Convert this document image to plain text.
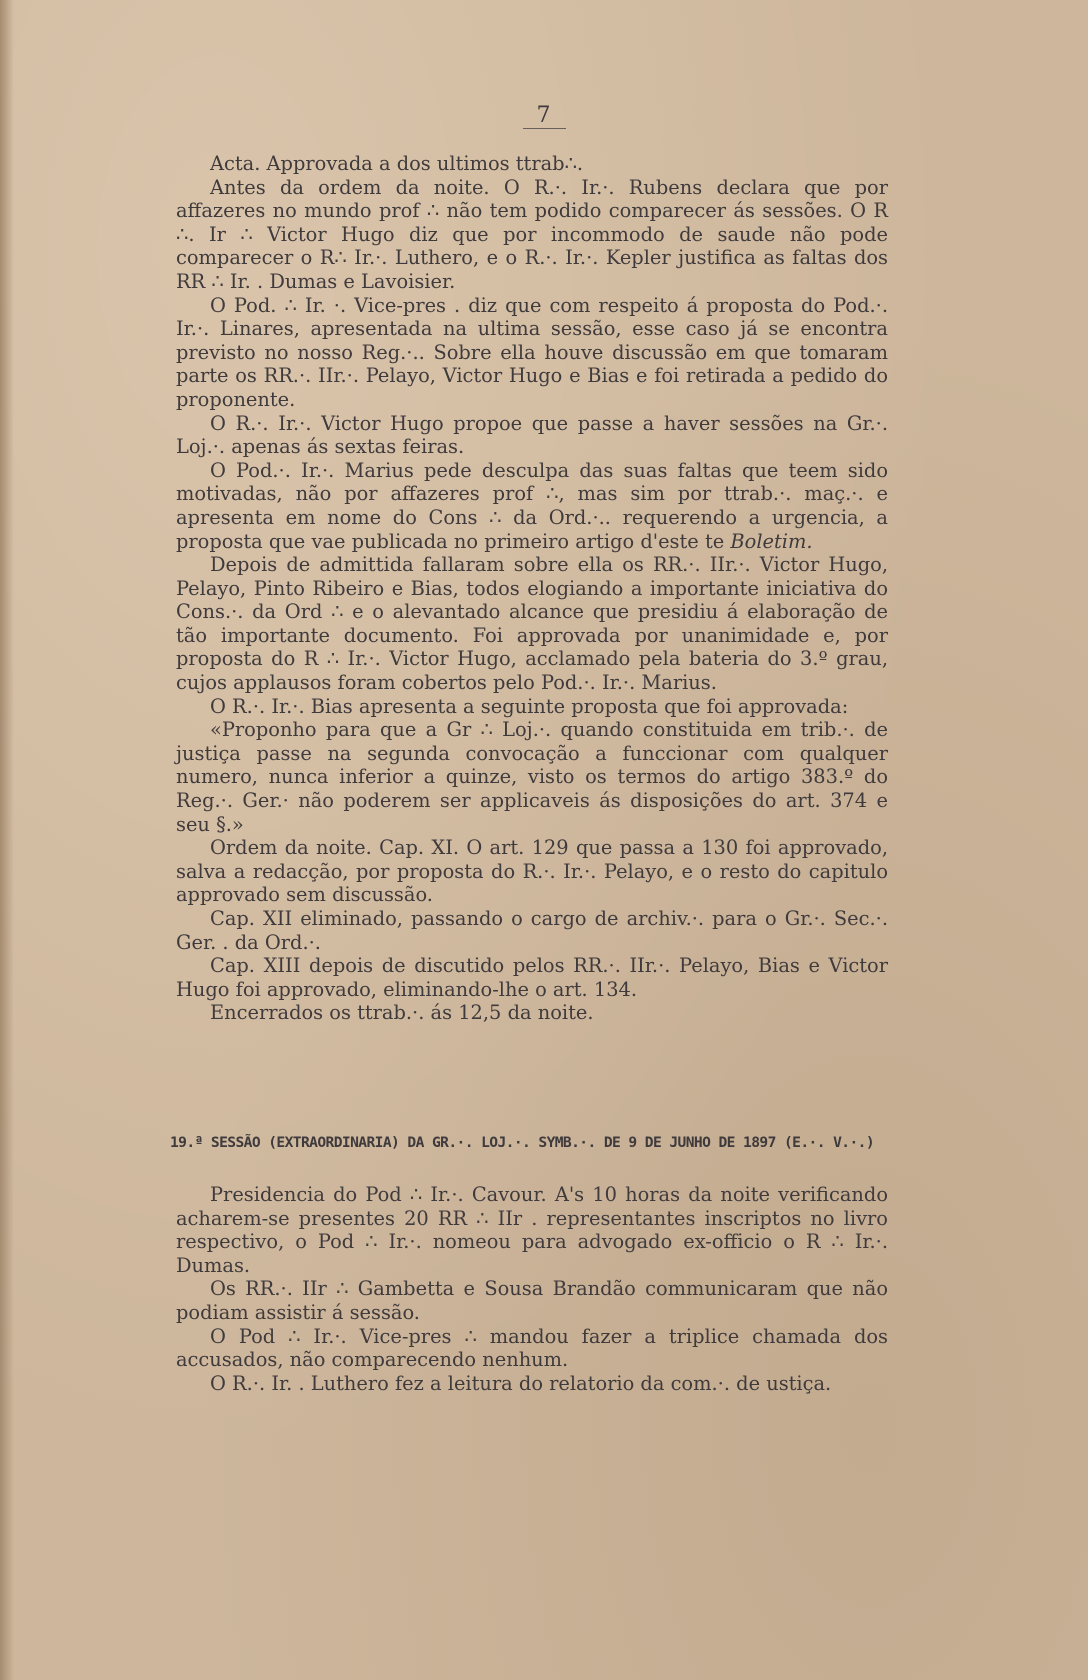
7

Acta. Approvada a dos ultimos ttrab∴.

Antes da ordem da noite. O R.·. Ir.·. Rubens declara que por affazeres no mundo prof ∴ não tem podido comparecer ás sessões. O R ∴. Ir ∴ Victor Hugo diz que por incommodo de saude não pode comparecer o R∴ Ir.·. Luthero, e o R.·. Ir.·. Kepler justifica as faltas dos RR ∴ Ir. . Dumas e Lavoisier.

O Pod. ∴ Ir. ·. Vice-pres . diz que com respeito á proposta do Pod.·. Ir.·. Linares, apresentada na ultima sessão, esse caso já se encontra previsto no nosso Reg.·.. Sobre ella houve discussão em que tomaram parte os RR.·. IIr.·. Pelayo, Victor Hugo e Bias e foi retirada a pedido do proponente.

O R.·. Ir.·. Victor Hugo propoe que passe a haver sessões na Gr.·. Loj.·. apenas ás sextas feiras.

O Pod.·. Ir.·. Marius pede desculpa das suas faltas que teem sido motivadas, não por affazeres prof ∴, mas sim por ttrab.·. maç.·. e apresenta em nome do Cons ∴ da Ord.·.. requerendo a urgencia, a proposta que vae publicada no primeiro artigo d'este te Boletim.

Depois de admittida fallaram sobre ella os RR.·. IIr.·. Victor Hugo, Pelayo, Pinto Ribeiro e Bias, todos elogiando a importante iniciativa do Cons.·. da Ord ∴ e o alevantado alcance que presidiu á elaboração de tão importante documento. Foi approvada por unanimidade e, por proposta do R ∴ Ir.·. Victor Hugo, acclamado pela bateria do 3.º grau, cujos applausos foram cobertos pelo Pod.·. Ir.·. Marius.

O R.·. Ir.·. Bias apresenta a seguinte proposta que foi approvada:

«Proponho para que a Gr ∴ Loj.·. quando constituida em trib.·. de justiça passe na segunda convocação a funccionar com qualquer numero, nunca inferior a quinze, visto os termos do artigo 383.º do Reg.·. Ger.· não poderem ser applicaveis ás disposições do art. 374 e seu §.»

Ordem da noite. Cap. XI. O art. 129 que passa a 130 foi approvado, salva a redacção, por proposta do R.·. Ir.·. Pelayo, e o resto do capitulo approvado sem discussão.

Cap. XII eliminado, passando o cargo de archiv.·. para o Gr.·. Sec.·. Ger. . da Ord.·.

Cap. XIII depois de discutido pelos RR.·. IIr.·. Pelayo, Bias e Victor Hugo foi approvado, eliminando-lhe o art. 134.

Encerrados os ttrab.·. ás 12,5 da noite.

19.ª SESSÃO (EXTRAORDINARIA) DA GR.·. LOJ.·. SYMB.·. DE 9 DE JUNHO DE 1897 (E.·. V.·.)

Presidencia do Pod ∴ Ir.·. Cavour. A's 10 horas da noite verificando acharem-se presentes 20 RR ∴ IIr . representantes inscriptos no livro respectivo, o Pod ∴ Ir.·. nomeou para advogado ex-officio o R ∴ Ir.·. Dumas.

Os RR.·. IIr ∴ Gambetta e Sousa Brandão communicaram que não podiam assistir á sessão.

O Pod ∴ Ir.·. Vice-pres ∴ mandou fazer a triplice chamada dos accusados, não comparecendo nenhum.

O R.·. Ir. . Luthero fez a leitura do relatorio da com.·. de ustiça.
